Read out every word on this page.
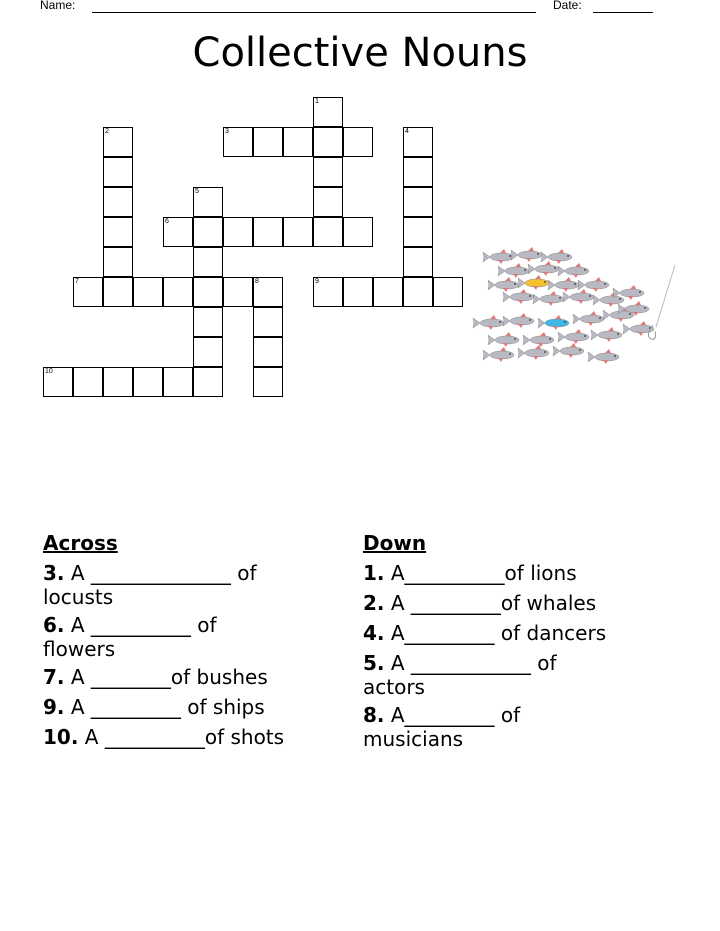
Name:	Date:
Collective Nouns
1
2	3	4
5
6
7	8	9
10
Across
3. A ______________ of
locusts
6. A __________ of
flowers
7. A ________of bushes
9. A _________ of ships
10. A __________of shots
Down
1. A__________of lions
2. A _________of whales
4. A_________ of dancers
5. A ____________ of
actors
8. A_________ of
musicians
